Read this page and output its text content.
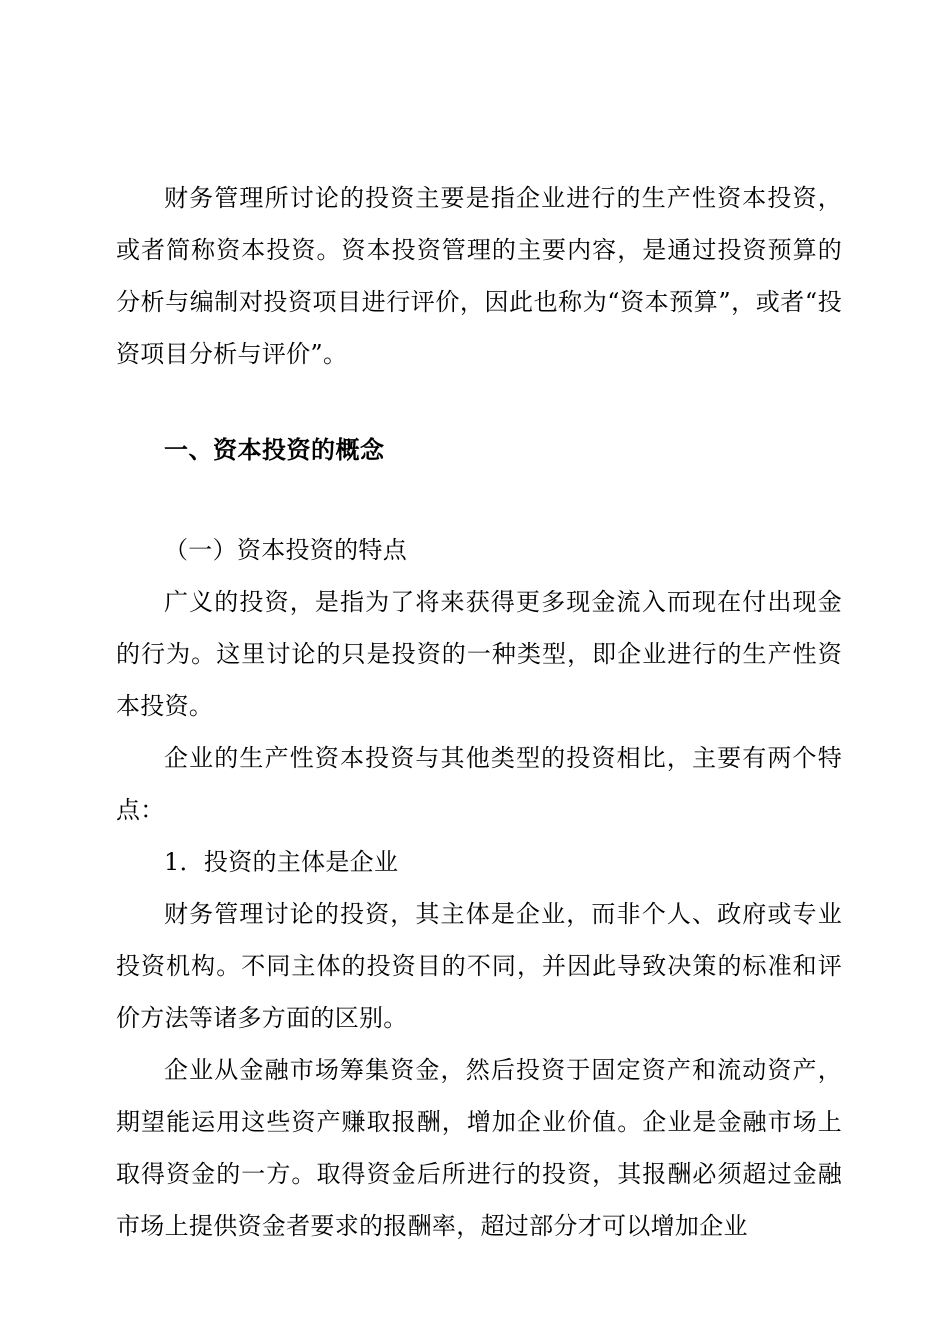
财务管理所讨论的投资主要是指企业进行的生产性资本投资，或者简称资本投资。资本投资管理的主要内容，是通过投资预算的分析与编制对投资项目进行评价，因此也称为“资本预算”，或者“投资项目分析与评价”。

一、资本投资的概念

（一）资本投资的特点

广义的投资，是指为了将来获得更多现金流入而现在付出现金的行为。这里讨论的只是投资的一种类型，即企业进行的生产性资本投资。

企业的生产性资本投资与其他类型的投资相比，主要有两个特点：

1．投资的主体是企业

财务管理讨论的投资，其主体是企业，而非个人、政府或专业投资机构。不同主体的投资目的不同，并因此导致决策的标准和评价方法等诸多方面的区别。

企业从金融市场筹集资金，然后投资于固定资产和流动资产，期望能运用这些资产赚取报酬，增加企业价值。企业是金融市场上取得资金的一方。取得资金后所进行的投资，其报酬必须超过金融市场上提供资金者要求的报酬率，超过部分才可以增加企业
